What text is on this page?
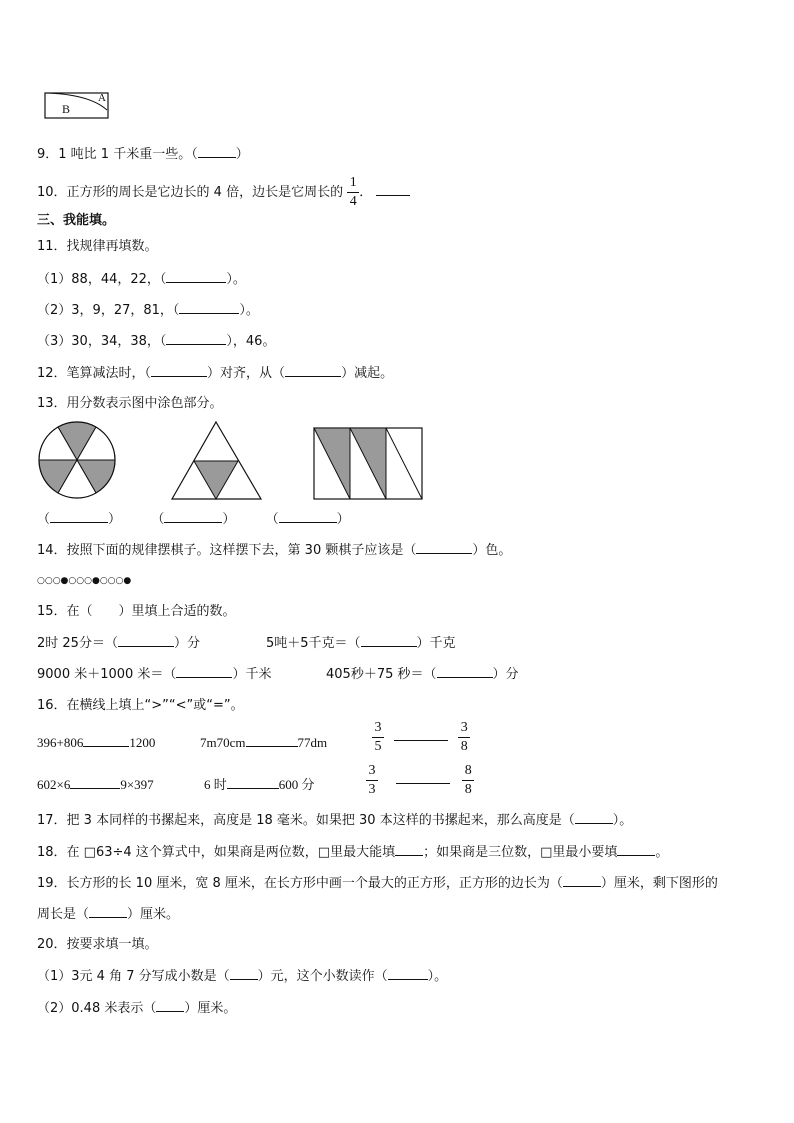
B
A
9．1 吨比 1 千米重一些。（	）
10．正方形的周长是它边长的 4 倍，边长是它周长的 $\frac{1}{4}$．
三、我能填。
11．找规律再填数。
（1）88，44，22，（	）。
（2）3，9，27，81，（	）。
（3）30，34，38，（	），46。
12．笔算减法时，（	）对齐，从（	）减起。
13．用分数表示图中涂色部分。
（	） （	） （	）
14．按照下面的规律摆棋子。这样摆下去，第 30 颗棋子应该是（	）色。
○○○●○○○●○○○●
15．在（　　）里填上合适的数。
2时 25分＝（	）分	5吨＋5千克＝（	）千克
9000 米＋1000 米＝（	）千米	405秒＋75 秒＝（	）分
16．在横线上填上“>”“<”或“=”。
396+806	1200	7m70cm	77dm	$\frac{3}{5}$	$\frac{3}{8}$
602×6	9×397	6 时	600 分	$\frac{3}{3}$	$\frac{8}{8}$
17．把 3 本同样的书摞起来，高度是 18 毫米。如果把 30 本这样的书摞起来，那么高度是（	）。
18．在 □63÷4 这个算式中，如果商是两位数，□里最大能填 ；如果商是三位数，□里最小要填	。
19．长方形的长 10 厘米，宽 8 厘米，在长方形中画一个最大的正方形，正方形的边长为（	）厘米，剩下图形的
周长是（	）厘米。
20．按要求填一填。
（1）3元 4 角 7 分写成小数是（ ）元，这个小数读作（	）。
（2）0.48 米表示（ ）厘米。
